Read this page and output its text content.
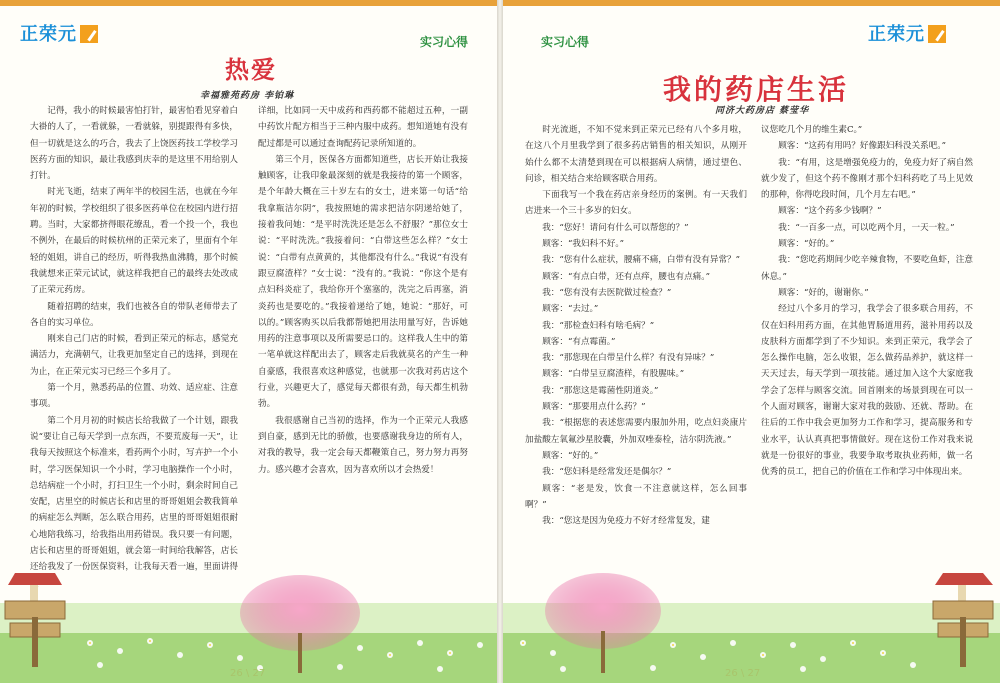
正荣元	实习心得
热爱
幸福雅苑药房 李铂琳

记得，我小的时候最害怕打针，最害怕看见穿着白大褂的人了，一看就躲，一看就躲，别提跟得有多快，但一切就是这么的巧合，我去了上饶医药技工学校学习医药方面的知识，最让我感到庆幸的是这里不用给别人打针。

时光飞逝，结束了两年半的校园生活，也就在今年年初的时候，学校组织了很多医药单位在校园内进行招聘。当时，大家都挤得眼花缭乱，看一个投一个，我也不例外，在最后的时候杭州的正荣元来了，里面有个年轻的姐姐，讲自己的经历，听得我热血沸腾，那个时候我就想来正荣元试试，就这样我把自己的最终去处改成了正荣元药房。

随着招聘的结束，我们也被各自的带队老师带去了各自的实习单位。

刚来自己门店的时候，看到正荣元的标志，感觉充满活力，充满朝气，让我更加坚定自己的选择，到现在为止，在正荣元实习已经三个多月了。

第一个月，熟悉药品的位置、功效、适应症、注意事项。

第二个月月初的时候店长给我做了一个计划，跟我说“要让自己每天学到一点东西，不要荒废每一天”，让我每天按照这个标准来，看药两个小时，写卉护一个小时，学习医保知识一个小时，学习电脑操作一个小时，总结病症一个小时，打扫卫生一个小时，剩余时间自己安配，店里空的时候店长和店里的哥哥姐姐会教我简单的病症怎么判断，怎么联合用药，店里的哥哥姐姐很耐心地陪我练习，给我指出用药错误。我只要一有问题，店长和店里的哥哥姐姐，就会第一时间给我解答，店长还给我发了一份医保资料，让我每天看一遍，里面讲得

详细，比如同一天中成药和西药都不能超过五种，一副中药饮片配方相当于三种内服中成药。想知道她有没有配过都是可以通过查询配药记录所知道的。

第三个月，医保各方面都知道些，店长开始让我接触顾客，让我印象最深刻的就是我接待的第一个顾客，是个年龄大概在三十岁左右的女士，进来第一句话“给我拿瓶洁尔阴”，我按照她的需求把洁尔阴递给她了，接着我问她：“是平时洗洗还是怎么不舒服？”那位女士说：“平时洗洗。”我接着问：“白带这些怎么样？”女士说：“白带有点黄黄的，其他都没有什么。”我说“有没有跟豆腐渣样？”女士说：“没有的。”我说：“你这个是有点妇科炎症了，我给你开个塞塞的，洗完之后再塞，消炎药也是要吃的。”我接着递给了她，她说：“那好，可以的。”顾客购买以后我都帮她把用法用量写好，告诉她用药的注意事项以及所需要忌口的。这样我人生中的第一笔单就这样配出去了，顾客走后我就莫名的产生一种自豪感，我很喜欢这种感觉，也就那一次我对药店这个行业，兴趣更大了，感觉每天都很有劲，每天都生机勃勃。

我很感谢自己当初的选择，作为一个正荣元人我感到自豪，感到无比的骄傲，也要感谢我身边的所有人，对我的教导，我一定会每天都鞭策自己，努力努力再努力。感兴趣才会喜欢，因为喜欢所以才会热爱！

26 \ 27
实习心得	正荣元
我的药店生活
同济大药房店 蔡莹华

时光流逝，不知不觉来到正荣元已经有八个多月啦，在这八个月里我学到了很多药店销售的相关知识，从刚开始什么都不太清楚到现在可以根据病人病情，通过望色、问诊，相关结合来给顾客联合用药。

下面我写一个我在药店亲身经历的案例。有一天我们店进来一个三十多岁的妇女。

我：“您好！请问有什么可以帮您的？”

顾客：“我妇科不好。”

我：“您有什么症状，腰痛不痛，白带有没有异常？”

顾客：“有点白带，还有点痒，腰也有点痛。”

我：“您有没有去医院做过检查？”

顾客：“去过。”

我：“那检查妇科有啥毛病？”

顾客：“有点霉菌。”

我：“那您现在白带呈什么样？有没有异味？”

顾客：“白带呈豆腐渣样，有股腥味。”

我：“那您这是霉菌性阴道炎。”

顾客：“那要用点什么药？”

我：“根据您的表述您需要内服加外用，吃点妇炎康片加盐酸左氧氟沙星胶囊，外加双唑泰栓，洁尔阴洗液。”

顾客：“好的。”

我：“您妇科是经常发还是偶尔？”

顾客：“老是发，饮食一不注意就这样，怎么回事啊？”

我：“您这是因为免疫力不好才经常复发，建

议您吃几个月的维生素C。”

顾客：“这药有用吗？好像跟妇科没关系吧。”

我：“有用，这是增强免疫力的，免疫力好了病自然就少发了，但这个药不像刚才那个妇科药吃了马上见效的那种，你得吃段时间，几个月左右吧。”

顾客：“这个药多少钱啊？”

我：“一百多一点，可以吃两个月，一天一粒。”

顾客：“好的。”

我：“您吃药期间少吃辛辣食物，不要吃鱼虾，注意休息。”

顾客：“好的，谢谢你。”

经过八个多月的学习，我学会了很多联合用药，不仅在妇科用药方面，在其他胃肠道用药，滋补用药以及皮肤科方面都学到了不少知识。来到正荣元，我学会了怎么操作电脑，怎么收银，怎么做药品养护，就这样一天天过去，每天学到一项技能。通过加入这个大家庭我学会了怎样与顾客交流。回首刚来的场景到现在可以一个人面对顾客，谢谢大家对我的鼓励、还就、帮助。在往后的工作中我会更加努力工作和学习，提高服务和专业水平，认认真真把事情做好。现在这份工作对我来说就是一份很好的事业，我要争取考取执业药师，做一名优秀的员工，把自己的价值在工作和学习中体现出来。

26 \ 27
